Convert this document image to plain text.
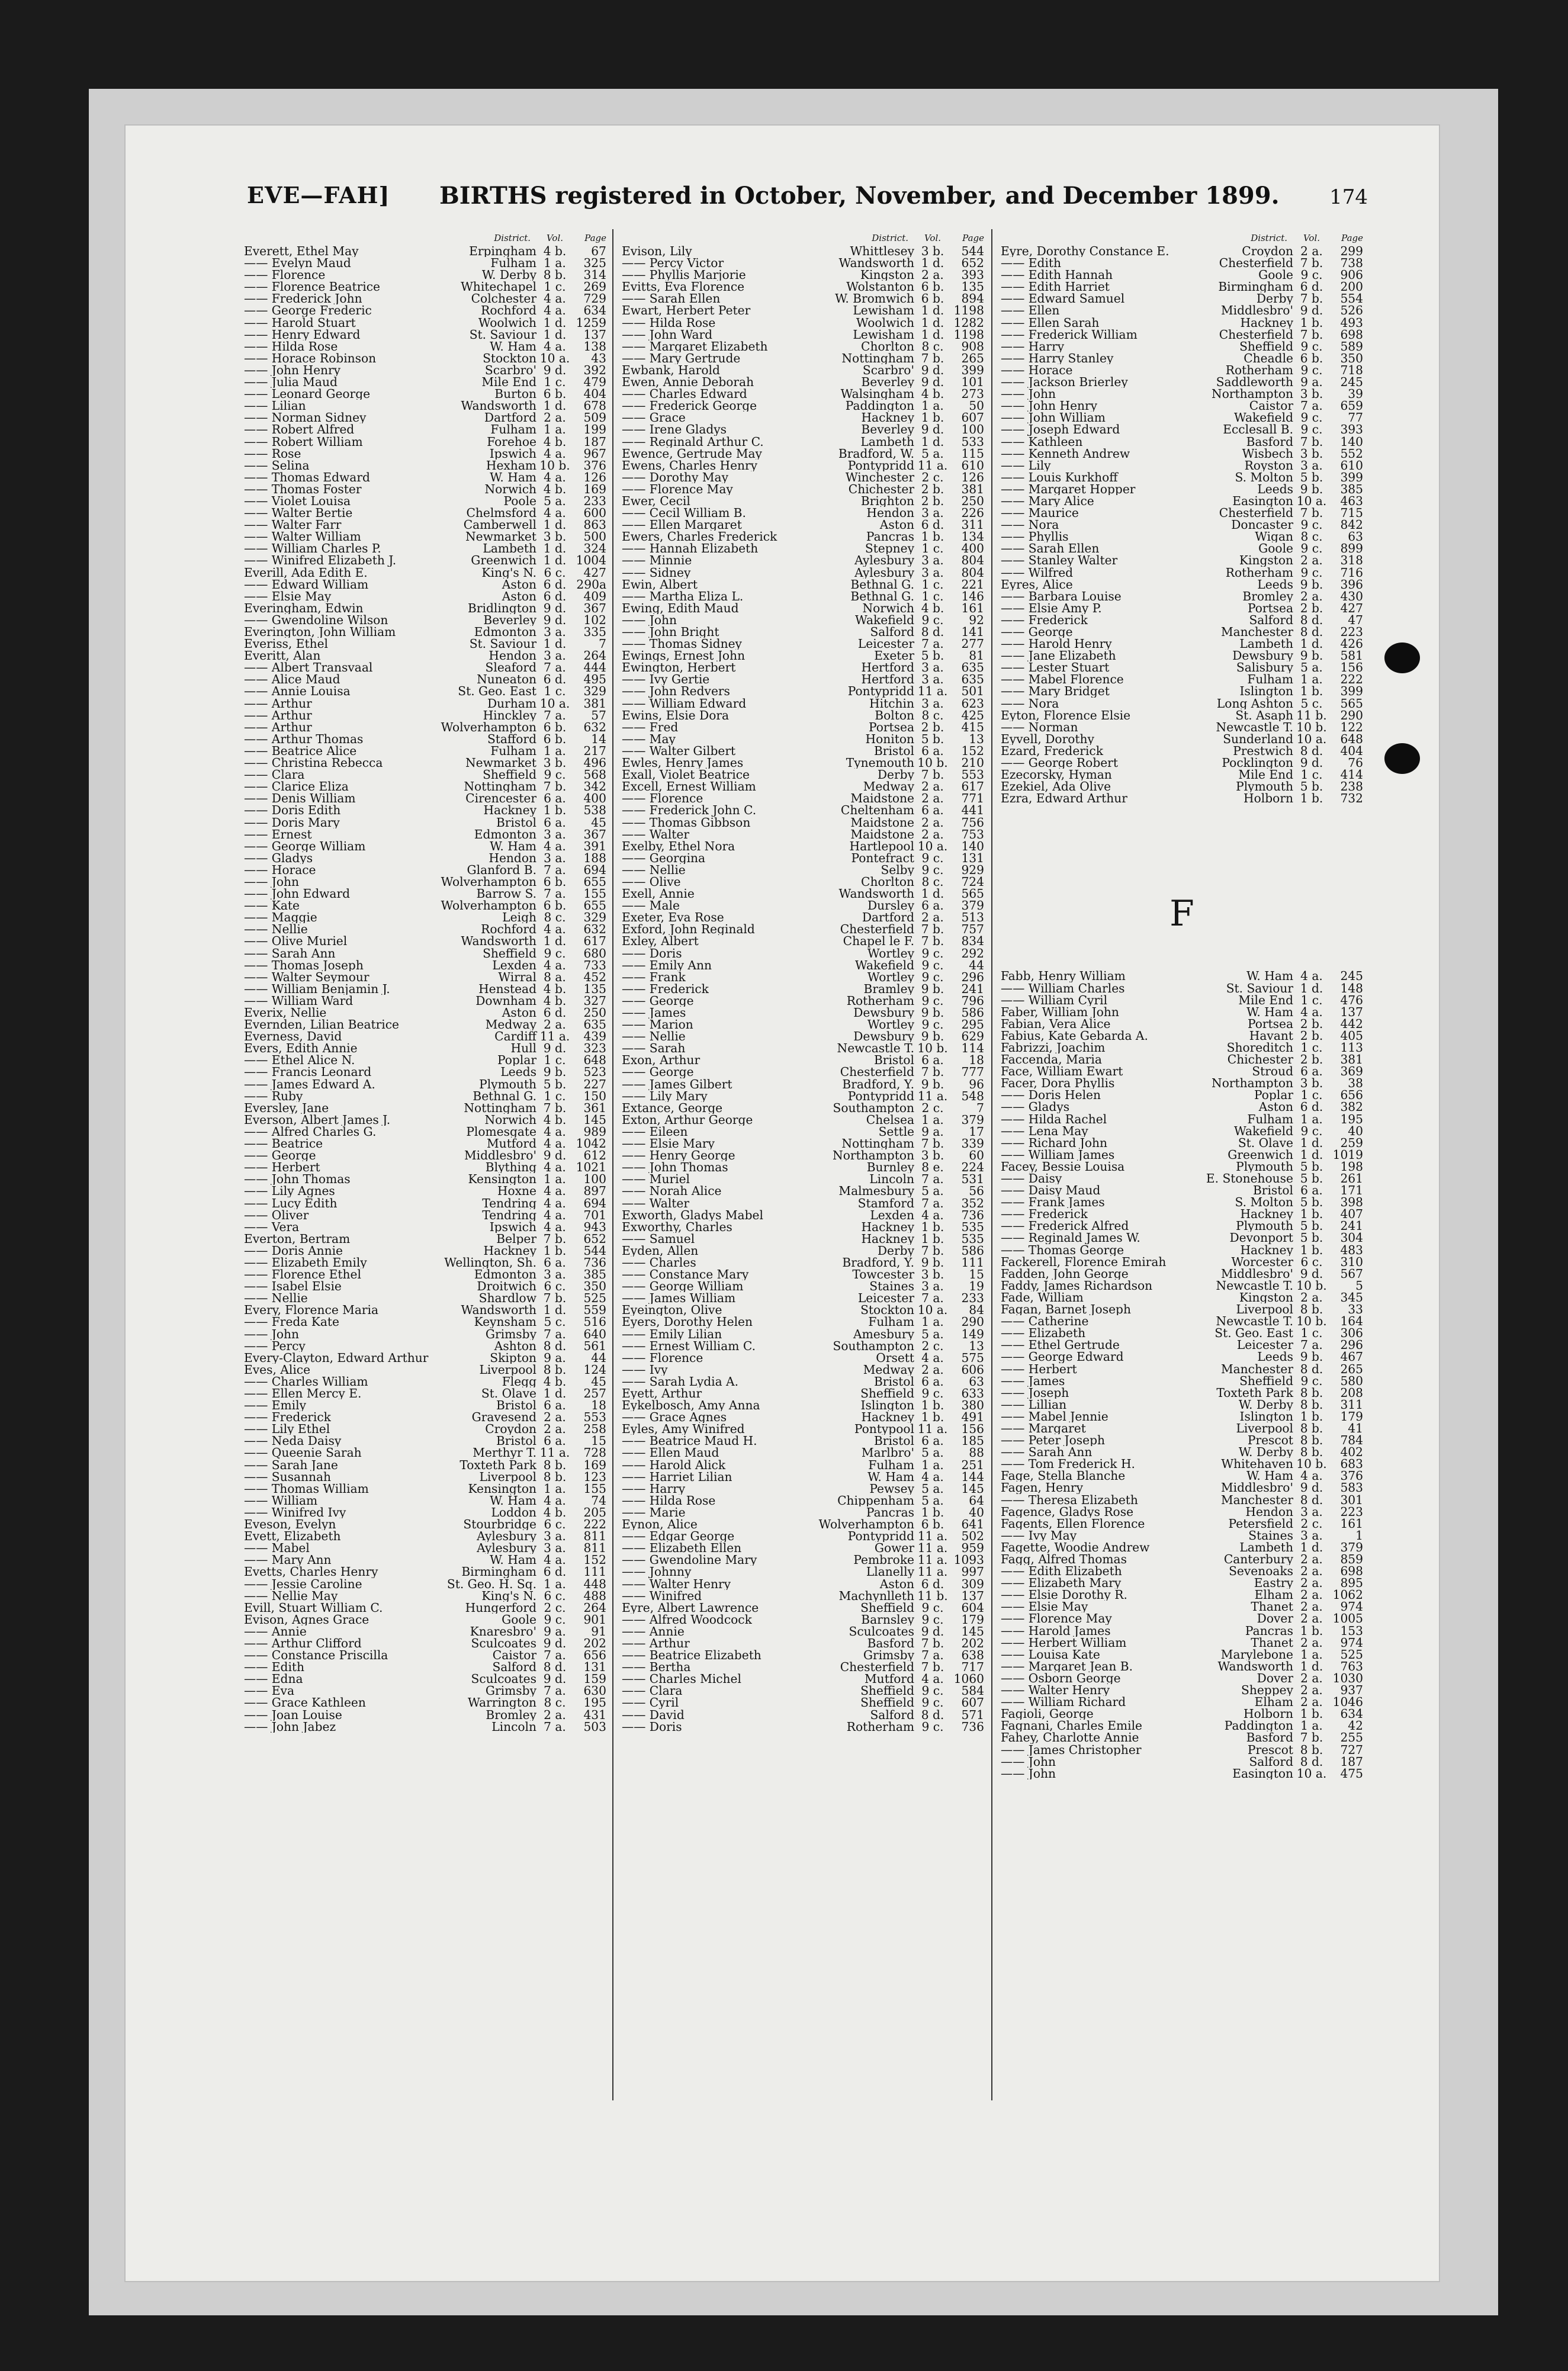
EVE—FAH] BIRTHS registered in October, November, and December 1899. 174
District.	Vol.	Page
Everett, Ethel May	Erpingham 4 b.	67
—— Evelyn Maud	Fulham 1 a.	325
—— Florence	W. Derby 8 b.	314
—— Florence Beatrice	Whitechapel 1 c.	269
—— Frederick John	Colchester 4 a.	729
—— George Frederic	Rochford 4 a.	634
—— Harold Stuart	Woolwich 1 d. 1259
—— Henry Edward	St. Saviour 1 d.	137
—— Hilda Rose	W. Ham 4 a.	138
—— Horace Robinson	Stockton 10 a.	43
—— John Henry	Scarbro' 9 d.	392
—— Julia Maud	Mile End 1 c.	479
—— Leonard George	Burton 6 b.	404
—— Lilian	Wandsworth 1 d.	678
—— Norman Sidney	Dartford 2 a.	509
—— Robert Alfred	Fulham 1 a.	199
—— Robert William	Forehoe 4 b.	187
—— Rose	Ipswich 4 a.	967
—— Selina	Hexham 10 b.	376
—— Thomas Edward	W. Ham 4 a.	126
—— Thomas Foster	Norwich 4 b.	169
—— Violet Louisa	Poole 5 a.	233
—— Walter Bertie	Chelmsford 4 a.	600
—— Walter Farr	Camberwell 1 d.	863
—— Walter William	Newmarket 3 b.	500
—— William Charles P.	Lambeth 1 d.	324
—— Winifred Elizabeth J.	Greenwich 1 d. 1004
Everill, Ada Edith E.	King's N. 6 c.	427
—— Edward William	Aston 6 d. 290a
—— Elsie May	Aston 6 d.	409
Everingham, Edwin	Bridlington 9 d.	367
—— Gwendoline Wilson	Beverley 9 d.	102
Everington, John William	Edmonton 3 a.	335
Everiss, Ethel	St. Saviour 1 d.	7
Everitt, Alan	Hendon 3 a.	264
—— Albert Transvaal	Sleaford 7 a.	444
—— Alice Maud	Nuneaton 6 d.	495
—— Annie Louisa	St. Geo. East 1 c.	329
—— Arthur	Durham 10 a.	381
—— Arthur	Hinckley 7 a.	57
—— Arthur	Wolverhampton 6 b.	632
—— Arthur Thomas	Stafford 6 b.	14
—— Beatrice Alice	Fulham 1 a.	217
—— Christina Rebecca	Newmarket 3 b.	496
—— Clara	Sheffield 9 c.	568
—— Clarice Eliza	Nottingham 7 b.	342
—— Denis William	Cirencester 6 a.	400
—— Doris Edith	Hackney 1 b.	538
—— Doris Mary	Bristol 6 a.	45
—— Ernest	Edmonton 3 a.	367
—— George William	W. Ham 4 a.	391
—— Gladys	Hendon 3 a.	188
—— Horace	Glanford B. 7 a.	694
—— John	Wolverhampton 6 b.	655
—— John Edward	Barrow S. 7 a.	155
—— Kate	Wolverhampton 6 b.	655
—— Maggie	Leigh 8 c.	329
—— Nellie	Rochford 4 a.	632
—— Olive Muriel	Wandsworth 1 d.	617
—— Sarah Ann	Sheffield 9 c.	680
—— Thomas Joseph	Lexden 4 a.	733
—— Walter Seymour	Wirral 8 a.	452
—— William Benjamin J.	Henstead 4 b.	135
—— William Ward	Downham 4 b.	327
Everix, Nellie	Aston 6 d.	250
Evernden, Lilian Beatrice	Medway 2 a.	635
Everness, David	Cardiff 11 a.	439
Evers, Edith Annie	Hull 9 d.	323
—— Ethel Alice N.	Poplar 1 c.	648
—— Francis Leonard	Leeds 9 b.	523
—— James Edward A.	Plymouth 5 b.	227
—— Ruby	Bethnal G. 1 c.	150
Eversley, Jane	Nottingham 7 b.	361
Everson, Albert James J.	Norwich 4 b.	145
—— Alfred Charles G.	Plomesgate 4 a.	989
—— Beatrice	Mutford 4 a. 1042
—— George	Middlesbro' 9 d.	612
—— Herbert	Blything 4 a. 1021
—— John Thomas	Kensington 1 a.	100
—— Lily Agnes	Hoxne 4 a.	897
—— Lucy Edith	Tendring 4 a.	694
—— Oliver	Tendring 4 a.	701
—— Vera	Ipswich 4 a.	943
Everton, Bertram	Belper 7 b.	652
—— Doris Annie	Hackney 1 b.	544
—— Elizabeth Emily	Wellington, Sh. 6 a.	736
—— Florence Ethel	Edmonton 3 a.	385
—— Isabel Elsie	Droitwich 6 c.	350
—— Nellie	Shardlow 7 b.	525
Every, Florence Maria	Wandsworth 1 d.	559
—— Freda Kate	Keynsham 5 c.	516
—— John	Grimsby 7 a.	640
—— Percy	Ashton 8 d.	561
Every-Clayton, Edward Arthur	Skipton 9 a.	44
Eves, Alice	Liverpool 8 b.	124
—— Charles William	Flegg 4 b.	45
—— Ellen Mercy E.	St. Olave 1 d.	257
—— Emily	Bristol 6 a.	18
—— Frederick	Gravesend 2 a.	553
—— Lily Ethel	Croydon 2 a.	258
—— Neda Daisy	Bristol 6 a.	15
—— Queenie Sarah	Merthyr T. 11 a.	728
—— Sarah Jane	Toxteth Park 8 b.	169
—— Susannah	Liverpool 8 b.	123
—— Thomas William	Kensington 1 a.	155
—— William	W. Ham 4 a.	74
—— Winifred Ivy	Loddon 4 b.	205
Eveson, Evelyn	Stourbridge 6 c.	222
Evett, Elizabeth	Aylesbury 3 a.	811
—— Mabel	Aylesbury 3 a.	811
—— Mary Ann	W. Ham 4 a.	152
Evetts, Charles Henry	Birmingham 6 d.	111
—— Jessie Caroline	St. Geo. H. Sq. 1 a.	448
—— Nellie May	King's N. 6 c.	488
Evill, Stuart William C.	Hungerford 2 c.	264
Evison, Agnes Grace	Goole 9 c.	901
—— Annie	Knaresbro' 9 a.	91
—— Arthur Clifford	Sculcoates 9 d.	202
—— Constance Priscilla	Caistor 7 a.	656
—— Edith	Salford 8 d.	131
—— Edna	Sculcoates 9 d.	159
—— Eva	Grimsby 7 a.	630
—— Grace Kathleen	Warrington 8 c.	195
—— Joan Louise	Bromley 2 a.	431
—— John Jabez	Lincoln 7 a.	503
District.	Vol.	Page
Evison, Lily	Whittlesey 3 b.	544
—— Percy Victor	Wandsworth 1 d.	652
—— Phyllis Marjorie	Kingston 2 a.	393
Evitts, Eva Florence	Wolstanton 6 b.	135
—— Sarah Ellen	W. Bromwich 6 b.	894
Ewart, Herbert Peter	Lewisham 1 d. 1198
—— Hilda Rose	Woolwich 1 d. 1282
—— John Ward	Lewisham 1 d. 1198
—— Margaret Elizabeth	Chorlton 8 c.	908
—— Mary Gertrude	Nottingham 7 b.	265
Ewbank, Harold	Scarbro' 9 d.	399
Ewen, Annie Deborah	Beverley 9 d.	101
—— Charles Edward	Walsingham 4 b.	273
—— Frederick George	Paddington 1 a.	50
—— Grace	Hackney 1 b.	607
—— Irene Gladys	Beverley 9 d.	100
—— Reginald Arthur C.	Lambeth 1 d.	533
Ewence, Gertrude May	Bradford, W. 5 a.	115
Ewens, Charles Henry	Pontypridd 11 a.	610
—— Dorothy May	Winchester 2 c.	126
—— Florence May	Chichester 2 b.	381
Ewer, Cecil	Brighton 2 b.	250
—— Cecil William B.	Hendon 3 a.	226
—— Ellen Margaret	Aston 6 d.	311
Ewers, Charles Frederick	Pancras 1 b.	134
—— Hannah Elizabeth	Stepney 1 c.	400
—— Minnie	Aylesbury 3 a.	804
—— Sidney	Aylesbury 3 a.	804
Ewin, Albert	Bethnal G. 1 c.	221
—— Martha Eliza L.	Bethnal G. 1 c.	146
Ewing, Edith Maud	Norwich 4 b.	161
—— John	Wakefield 9 c.	92
—— John Bright	Salford 8 d.	141
—— Thomas Sidney	Leicester 7 a.	277
Ewings, Ernest John	Exeter 5 b.	81
Ewington, Herbert	Hertford 3 a.	635
—— Ivy Gertie	Hertford 3 a.	635
—— John Redvers	Pontypridd 11 a.	501
—— William Edward	Hitchin 3 a.	623
Ewins, Elsie Dora	Bolton 8 c.	425
—— Fred	Portsea 2 b.	415
—— May	Honiton 5 b.	13
—— Walter Gilbert	Bristol 6 a.	152
Ewles, Henry James	Tynemouth 10 b.	210
Exall, Violet Beatrice	Derby 7 b.	553
Excell, Ernest William	Medway 2 a.	617
—— Florence	Maidstone 2 a.	771
—— Frederick John C.	Cheltenham 6 a.	441
—— Thomas Gibbson	Maidstone 2 a.	756
—— Walter	Maidstone 2 a.	753
Exelby, Ethel Nora	Hartlepool 10 a.	140
—— Georgina	Pontefract 9 c.	131
—— Nellie	Selby 9 c.	929
—— Olive	Chorlton 8 c.	724
Exell, Annie	Wandsworth 1 d.	565
—— Male	Dursley 6 a.	379
Exeter, Eva Rose	Dartford 2 a.	513
Exford, John Reginald	Chesterfield 7 b.	757
Exley, Albert	Chapel le F. 7 b.	834
—— Doris	Wortley 9 c.	292
—— Emily Ann	Wakefield 9 c.	44
—— Frank	Wortley 9 c.	296
—— Frederick	Bramley 9 b.	241
—— George	Rotherham 9 c.	796
—— James	Dewsbury 9 b.	586
—— Marion	Wortley 9 c.	295
—— Nellie	Dewsbury 9 b.	629
—— Sarah	Newcastle T. 10 b.	114
Exon, Arthur	Bristol 6 a.	18
—— George	Chesterfield 7 b.	777
—— James Gilbert	Bradford, Y. 9 b.	96
—— Lily Mary	Pontypridd 11 a.	548
Extance, George	Southampton 2 c.	7
Exton, Arthur George	Chelsea 1 a.	379
—— Eileen	Settle 9 a.	17
—— Elsie Mary	Nottingham 7 b.	339
—— Henry George	Northampton 3 b.	60
—— John Thomas	Burnley 8 e.	224
—— Muriel	Lincoln 7 a.	531
—— Norah Alice	Malmesbury 5 a.	56
—— Walter	Stamford 7 a.	352
Exworth, Gladys Mabel	Lexden 4 a.	736
Exworthy, Charles	Hackney 1 b.	535
—— Samuel	Hackney 1 b.	535
Eyden, Allen	Derby 7 b.	586
—— Charles	Bradford, Y. 9 b.	111
—— Constance Mary	Towcester 3 b.	15
—— George William	Staines 3 a.	19
—— James William	Leicester 7 a.	233
Eyeington, Olive	Stockton 10 a.	84
Eyers, Dorothy Helen	Fulham 1 a.	290
—— Emily Lilian	Amesbury 5 a.	149
—— Ernest William C.	Southampton 2 c.	13
—— Florence	Orsett 4 a.	575
—— Ivy	Medway 2 a.	606
—— Sarah Lydia A.	Bristol 6 a.	63
Eyett, Arthur	Sheffield 9 c.	633
Eykelbosch, Amy Anna	Islington 1 b.	380
—— Grace Agnes	Hackney 1 b.	491
Eyles, Amy Winifred	Pontypool 11 a.	156
—— Beatrice Maud H.	Bristol 6 a.	185
—— Ellen Maud	Marlbro' 5 a.	88
—— Harold Alick	Fulham 1 a.	251
—— Harriet Lilian	W. Ham 4 a.	144
—— Harry	Pewsey 5 a.	145
—— Hilda Rose	Chippenham 5 a.	64
—— Marie	Pancras 1 b.	40
Eynon, Alice	Wolverhampton 6 b.	641
—— Edgar George	Pontypridd 11 a.	502
—— Elizabeth Ellen	Gower 11 a.	959
—— Gwendoline Mary	Pembroke 11 a. 1093
—— Johnny	Llanelly 11 a.	997
—— Walter Henry	Aston 6 d.	309
—— Winifred	Machynlleth 11 b.	137
Eyre, Albert Lawrence	Sheffield 9 c.	604
—— Alfred Woodcock	Barnsley 9 c.	179
—— Annie	Sculcoates 9 d.	145
—— Arthur	Basford 7 b.	202
—— Beatrice Elizabeth	Grimsby 7 a.	638
—— Bertha	Chesterfield 7 b.	717
—— Charles Michel	Mutford 4 a. 1060
—— Clara	Sheffield 9 c.	584
—— Cyril	Sheffield 9 c.	607
—— David	Salford 8 d.	571
—— Doris	Rotherham 9 c.	736
District.	Vol.	Page
Eyre, Dorothy Constance E.	Croydon 2 a.	299
—— Edith	Chesterfield 7 b.	738
—— Edith Hannah	Goole 9 c.	906
—— Edith Harriet	Birmingham 6 d.	200
—— Edward Samuel	Derby 7 b.	554
—— Ellen	Middlesbro' 9 d.	526
—— Ellen Sarah	Hackney 1 b.	493
—— Frederick William	Chesterfield 7 b.	698
—— Harry	Sheffield 9 c.	589
—— Harry Stanley	Cheadle 6 b.	350
—— Horace	Rotherham 9 c.	718
—— Jackson Brierley	Saddleworth 9 a.	245
—— John	Northampton 3 b.	39
—— John Henry	Caistor 7 a.	659
—— John William	Wakefield 9 c.	77
—— Joseph Edward	Ecclesall B. 9 c.	393
—— Kathleen	Basford 7 b.	140
—— Kenneth Andrew	Wisbech 3 b.	552
—— Lily	Royston 3 a.	610
—— Louis Kurkhoff	S. Molton 5 b.	399
—— Margaret Hopper	Leeds 9 b.	385
—— Mary Alice	Easington 10 a.	463
—— Maurice	Chesterfield 7 b.	715
—— Nora	Doncaster 9 c.	842
—— Phyllis	Wigan 8 c.	63
—— Sarah Ellen	Goole 9 c.	899
—— Stanley Walter	Kingston 2 a.	318
—— Wilfred	Rotherham 9 c.	716
Eyres, Alice	Leeds 9 b.	396
—— Barbara Louise	Bromley 2 a.	430
—— Elsie Amy P.	Portsea 2 b.	427
—— Frederick	Salford 8 d.	47
—— George	Manchester 8 d.	223
—— Harold Henry	Lambeth 1 d.	426
—— Jane Elizabeth	Dewsbury 9 b.	581
—— Lester Stuart	Salisbury 5 a.	156
—— Mabel Florence	Fulham 1 a.	222
—— Mary Bridget	Islington 1 b.	399
—— Nora	Long Ashton 5 c.	565
Eyton, Florence Elsie	St. Asaph 11 b.	290
—— Norman	Newcastle T. 10 b.	122
Eyvell, Dorothy	Sunderland 10 a.	648
Ezard, Frederick	Prestwich 8 d.	404
—— George Robert	Pocklington 9 d.	76
Ezecorsky, Hyman	Mile End 1 c.	414
Ezekiel, Ada Olive	Plymouth 5 b.	238
Ezra, Edward Arthur	Holborn 1 b.	732
F
Fabb, Henry William	W. Ham 4 a.	245
—— William Charles	St. Saviour 1 d.	148
—— William Cyril	Mile End 1 c.	476
Faber, William John	W. Ham 4 a.	137
Fabian, Vera Alice	Portsea 2 b.	442
Fabius, Kate Gebarda A.	Havant 2 b.	405
Fabrizzi, Joachim	Shoreditch 1 c.	113
Faccenda, Maria	Chichester 2 b.	381
Face, William Ewart	Stroud 6 a.	369
Facer, Dora Phyllis	Northampton 3 b.	38
—— Doris Helen	Poplar 1 c.	656
—— Gladys	Aston 6 d.	382
—— Hilda Rachel	Fulham 1 a.	195
—— Lena May	Wakefield 9 c.	40
—— Richard John	St. Olave 1 d.	259
—— William James	Greenwich 1 d. 1019
Facey, Bessie Louisa	Plymouth 5 b.	198
—— Daisy	E. Stonehouse 5 b.	261
—— Daisy Maud	Bristol 6 a.	171
—— Frank James	S. Molton 5 b.	398
—— Frederick	Hackney 1 b.	407
—— Frederick Alfred	Plymouth 5 b.	241
—— Reginald James W.	Devonport 5 b.	304
—— Thomas George	Hackney 1 b.	483
Fackerell, Florence Emirah	Worcester 6 c.	310
Fadden, John George	Middlesbro' 9 d.	567
Faddy, James Richardson	Newcastle T. 10 b.	5
Fade, William	Kingston 2 a.	345
Fagan, Barnet Joseph	Liverpool 8 b.	33
—— Catherine	Newcastle T. 10 b.	164
—— Elizabeth	St. Geo. East 1 c.	306
—— Ethel Gertrude	Leicester 7 a.	296
—— George Edward	Leeds 9 b.	467
—— Herbert	Manchester 8 d.	265
—— James	Sheffield 9 c.	580
—— Joseph	Toxteth Park 8 b.	208
—— Lillian	W. Derby 8 b.	311
—— Mabel Jennie	Islington 1 b.	179
—— Margaret	Liverpool 8 b.	41
—— Peter Joseph	Prescot 8 b.	784
—— Sarah Ann	W. Derby 8 b.	402
—— Tom Frederick H.	Whitehaven 10 b.	683
Fage, Stella Blanche	W. Ham 4 a.	376
Fagen, Henry	Middlesbro' 9 d.	583
—— Theresa Elizabeth	Manchester 8 d.	301
Fagence, Gladys Rose	Hendon 3 a.	223
Fagents, Ellen Florence	Petersfield 2 c.	161
—— Ivy May	Staines 3 a.	1
Fagette, Woodie Andrew	Lambeth 1 d.	379
Fagg, Alfred Thomas	Canterbury 2 a.	859
—— Edith Elizabeth	Sevenoaks 2 a.	698
—— Elizabeth Mary	Eastry 2 a.	895
—— Elsie Dorothy R.	Elham 2 a. 1062
—— Elsie May	Thanet 2 a.	974
—— Florence May	Dover 2 a. 1005
—— Harold James	Pancras 1 b.	153
—— Herbert William	Thanet 2 a.	974
—— Louisa Kate	Marylebone 1 a.	525
—— Margaret Jean B.	Wandsworth 1 d.	763
—— Osborn George	Dover 2 a. 1030
—— Walter Henry	Sheppey 2 a.	937
—— William Richard	Elham 2 a. 1046
Fagioli, George	Holborn 1 b.	634
Fagnani, Charles Emile	Paddington 1 a.	42
Fahey, Charlotte Annie	Basford 7 b.	255
—— James Christopher	Prescot 8 b.	727
—— John	Salford 8 d.	187
—— John	Easington 10 a.	475
